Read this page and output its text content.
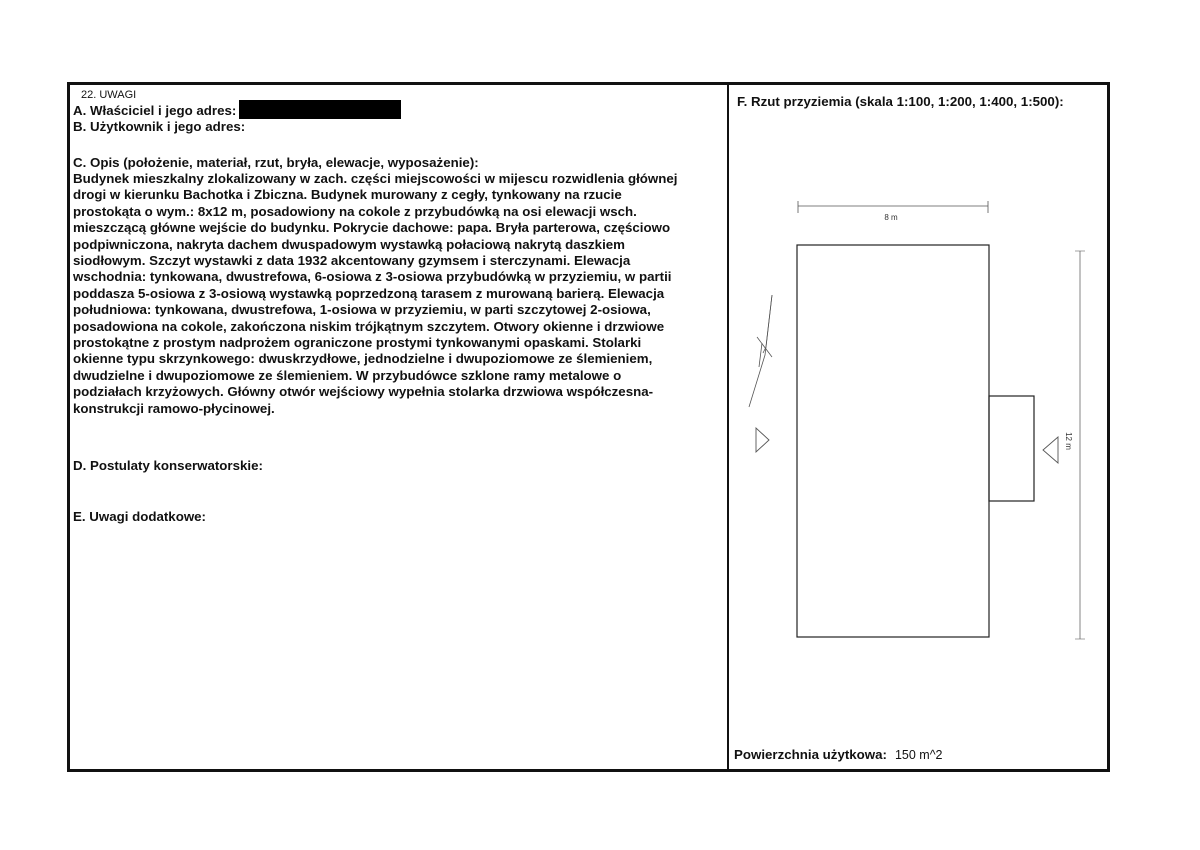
22. UWAGI
A. Właściciel i jego adres:
B. Użytkownik i jego adres:
C. Opis (położenie, materiał, rzut, bryła, elewacje, wyposażenie):
Budynek mieszkalny zlokalizowany w zach. części miejscowości w mijescu rozwidlenia głównej
drogi w kierunku Bachotka i Zbiczna. Budynek murowany z cegły, tynkowany na rzucie
prostokąta o wym.: 8x12 m, posadowiony na cokole z przybudówką na osi elewacji wsch.
mieszczącą główne wejście do budynku. Pokrycie dachowe: papa. Bryła parterowa, częściowo
podpiwniczona, nakryta dachem dwuspadowym wystawką połaciową nakrytą daszkiem
siodłowym. Szczyt wystawki z data 1932 akcentowany gzymsem i sterczynami. Elewacja
wschodnia: tynkowana, dwustrefowa, 6-osiowa z 3-osiowa przybudówką w przyziemiu, w partii
poddasza 5-osiowa z 3-osiową wystawką poprzedzoną tarasem z murowaną barierą. Elewacja
południowa: tynkowana, dwustrefowa, 1-osiowa w przyziemiu, w parti szczytowej 2-osiowa,
posadowiona na cokole, zakończona niskim trójkątnym szczytem. Otwory okienne i drzwiowe
prostokątne z prostym nadprożem ograniczone prostymi tynkowanymi opaskami. Stolarki
okienne typu skrzynkowego: dwuskrzydłowe, jednodzielne i dwupoziomowe ze ślemieniem,
dwudzielne i dwupoziomowe ze ślemieniem. W przybudówce szklone ramy metalowe o
podziałach krzyżowych. Główny otwór wejściowy wypełnia stolarka drzwiowa współczesna-
konstrukcji ramowo-płycinowej.
D. Postulaty konserwatorskie:
E. Uwagi dodatkowe:
F. Rzut przyziemia (skala 1:100, 1:200, 1:400, 1:500):
8 m
12 m
Powierzchnia użytkowa: 150 m^2
